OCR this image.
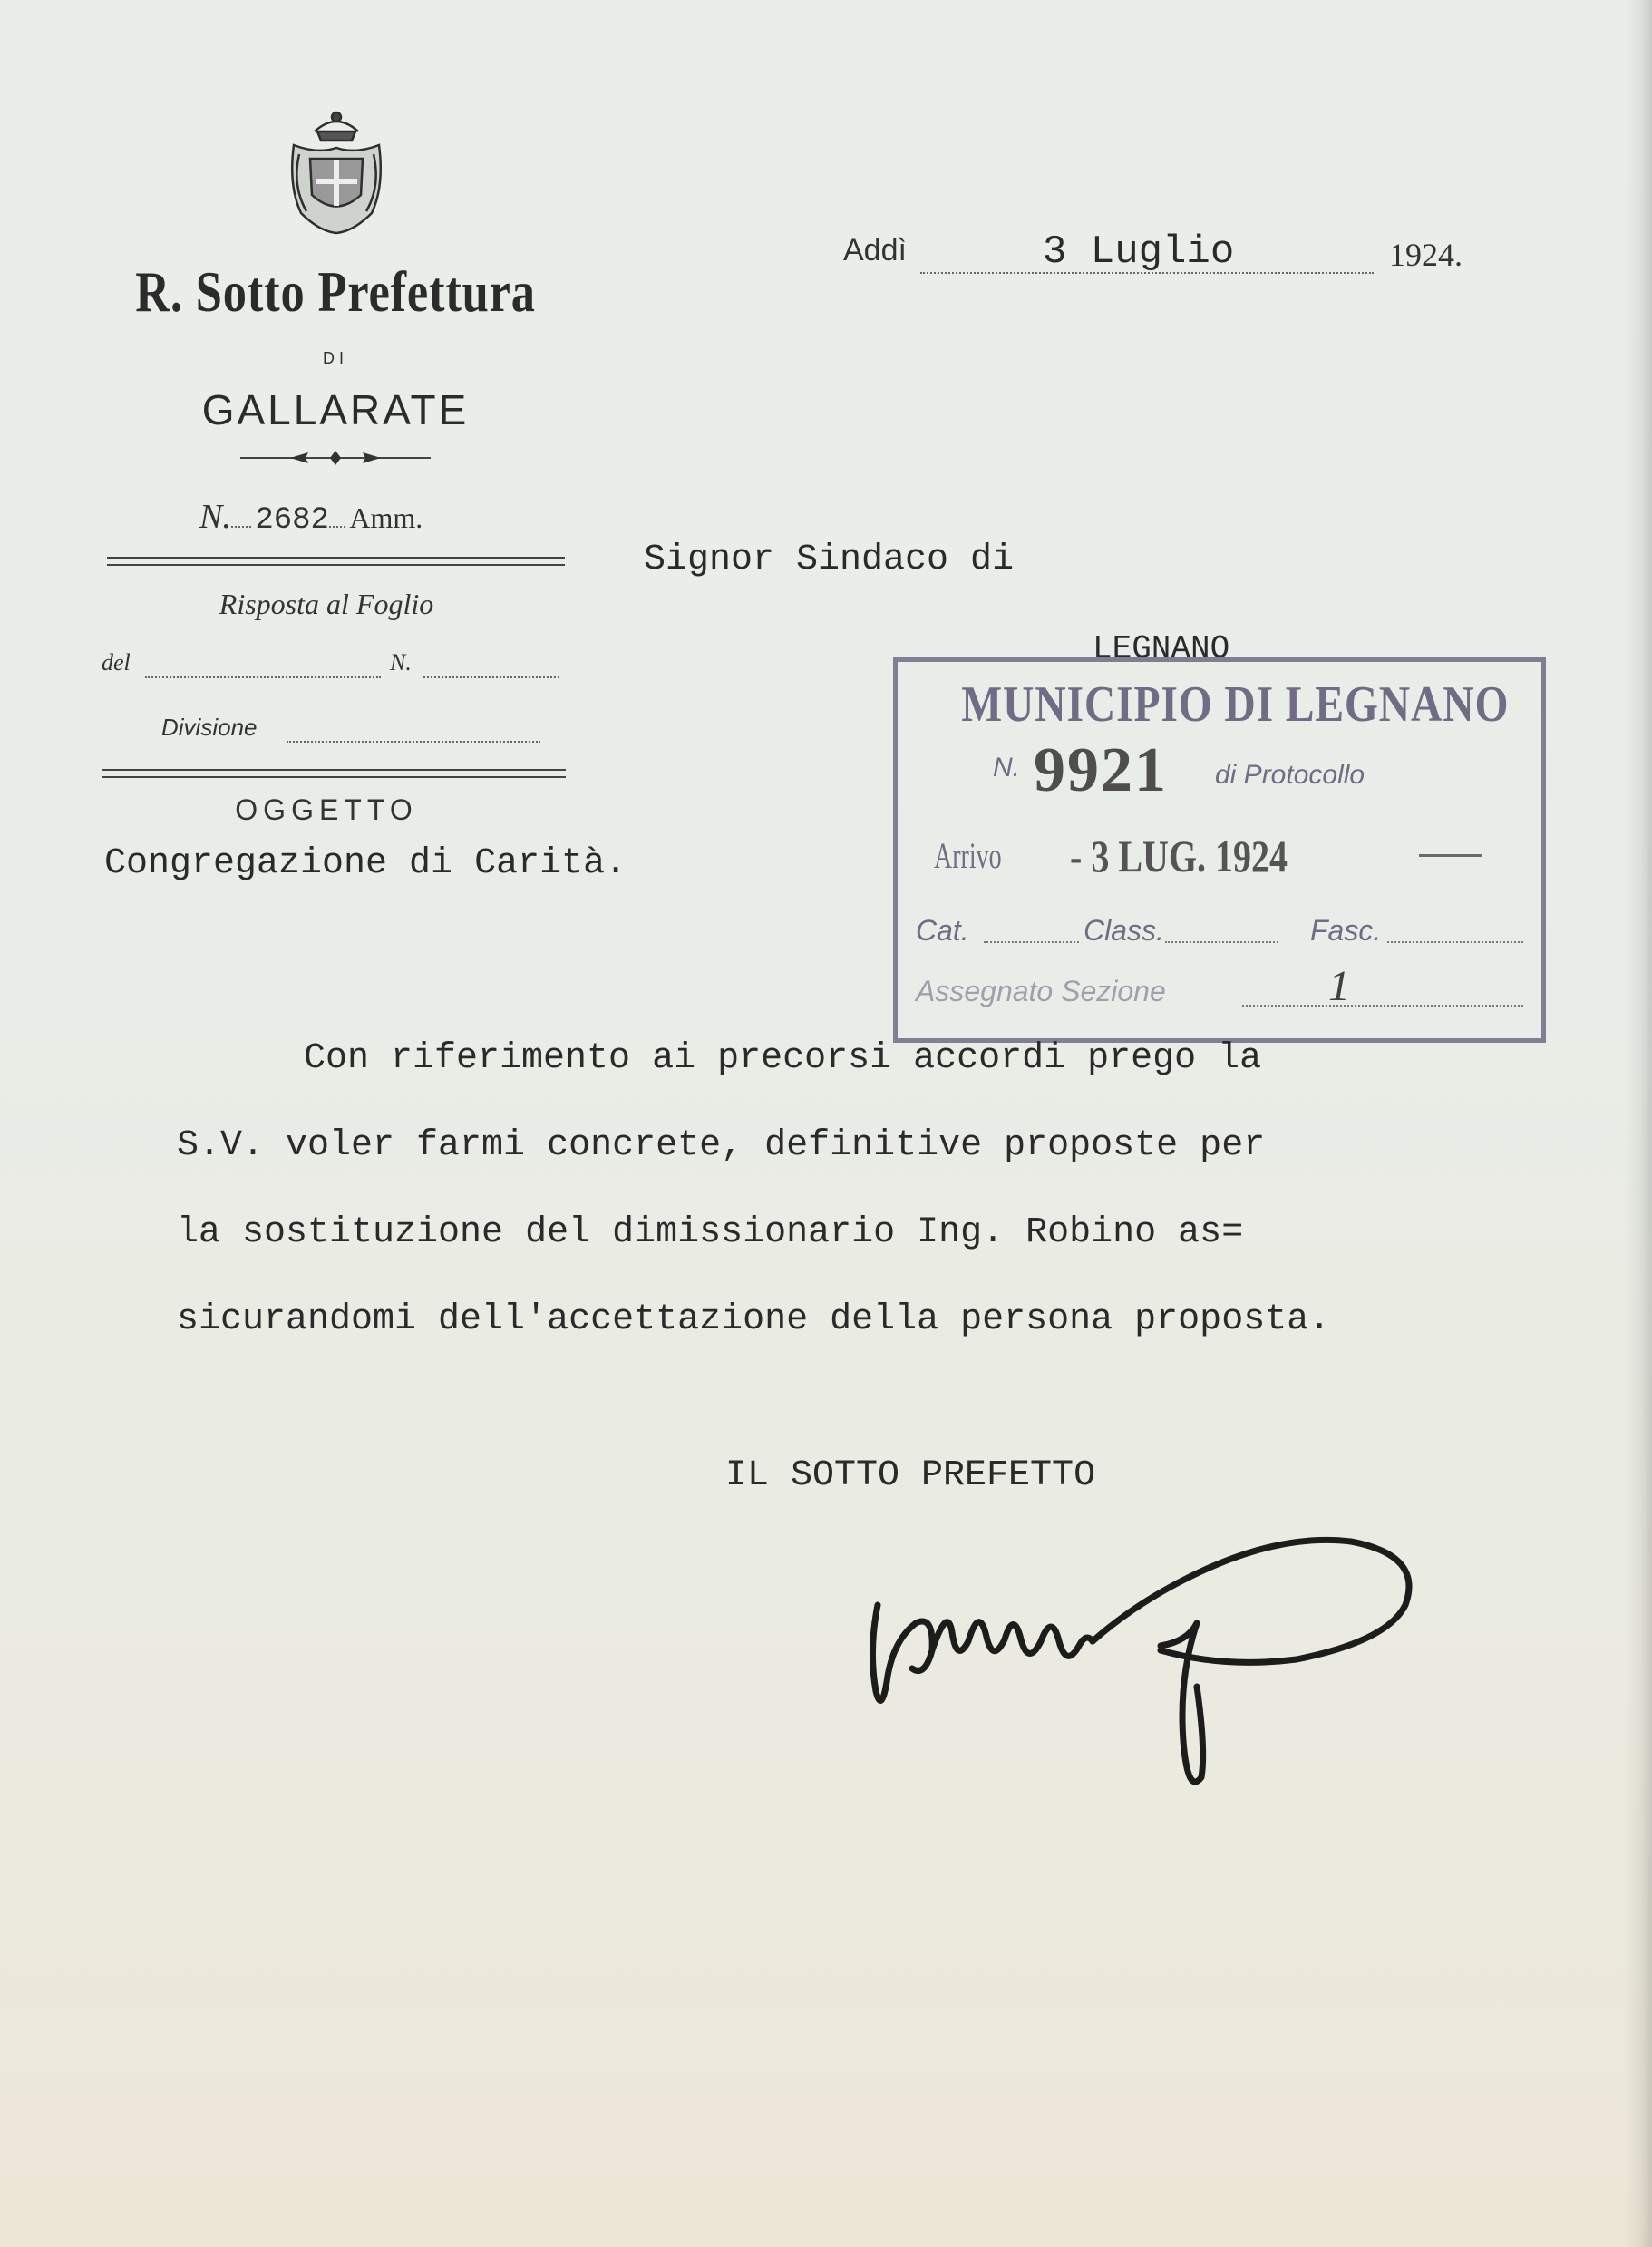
R. Sotto Prefettura
DI
GALLARATE
N. 2682 Amm.
Risposta al Foglio
del	N.
Divisione
OGGETTO
Congregazione di Carità.
Addì	3 Luglio	1924.
Signor Sindaco di
LEGNANO
MUNICIPIO DI LEGNANO
N. 9921 di Protocollo
Arrivo - 3 LUG. 1924
Cat.	Class.	Fasc.
Assegnato Sezione	1
Con riferimento ai precorsi accordi prego la
S.V. voler farmi concrete, definitive proposte per
la sostituzione del dimissionario Ing. Robino as=
sicurandomi dell'accettazione della persona proposta.
IL SOTTO PREFETTO
